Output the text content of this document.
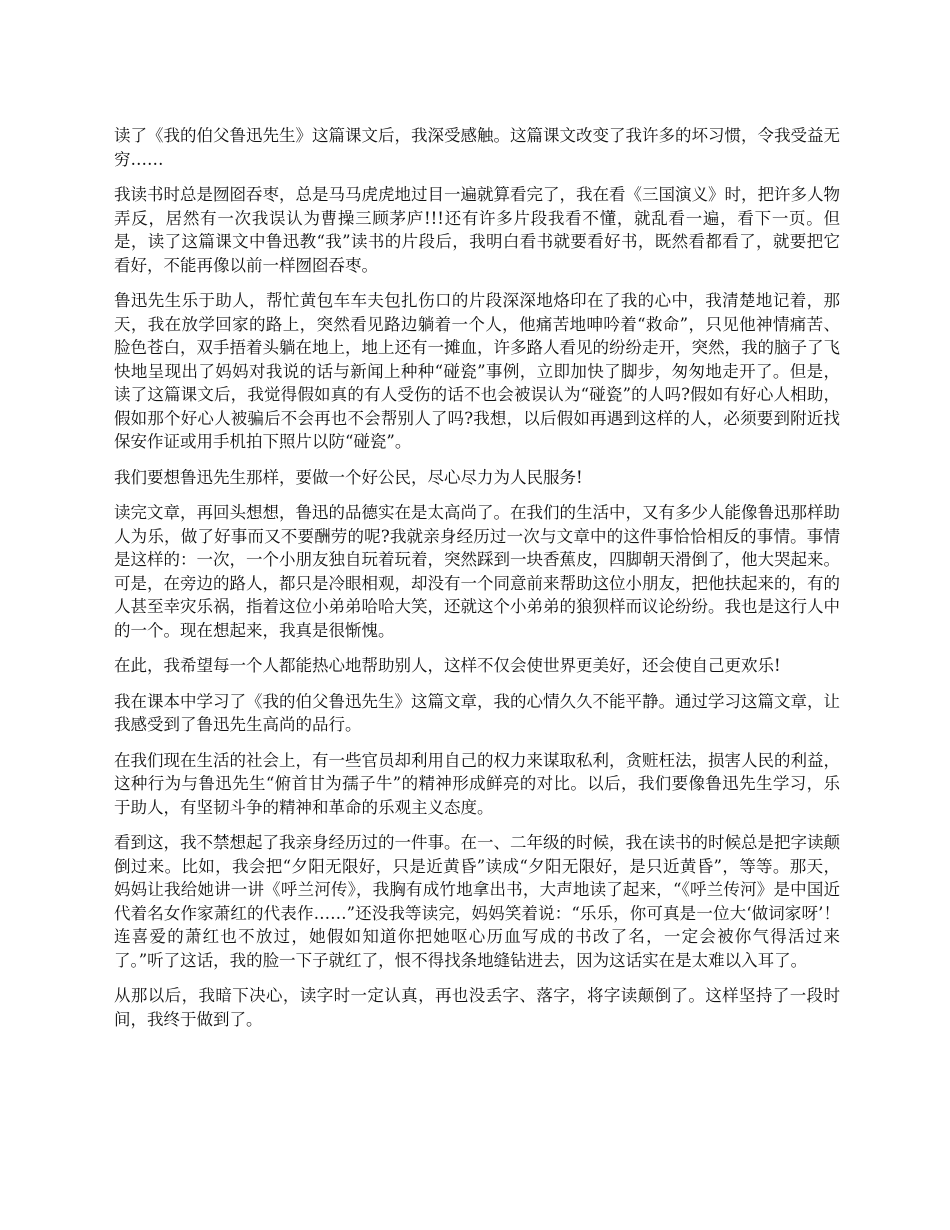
读了《我的伯父鲁迅先生》这篇课文后，我深受感触。这篇课文改变了我许多的坏习惯，令我受益无穷……

我读书时总是囫囵吞枣，总是马马虎虎地过目一遍就算看完了，我在看《三国演义》时，把许多人物弄反，居然有一次我误认为曹操三顾茅庐!!!还有许多片段我看不懂，就乱看一遍，看下一页。但是，读了这篇课文中鲁迅教“我”读书的片段后，我明白看书就要看好书，既然看都看了，就要把它看好，不能再像以前一样囫囵吞枣。

鲁迅先生乐于助人，帮忙黄包车车夫包扎伤口的片段深深地烙印在了我的心中，我清楚地记着，那天，我在放学回家的路上，突然看见路边躺着一个人，他痛苦地呻吟着“救命”，只见他神情痛苦、脸色苍白，双手捂着头躺在地上，地上还有一摊血，许多路人看见的纷纷走开，突然，我的脑子了飞快地呈现出了妈妈对我说的话与新闻上种种“碰瓷”事例，立即加快了脚步，匆匆地走开了。但是，读了这篇课文后，我觉得假如真的有人受伤的话不也会被误认为“碰瓷”的人吗?假如有好心人相助，假如那个好心人被骗后不会再也不会帮别人了吗?我想，以后假如再遇到这样的人，必须要到附近找保安作证或用手机拍下照片以防“碰瓷”。

我们要想鲁迅先生那样，要做一个好公民，尽心尽力为人民服务!

读完文章，再回头想想，鲁迅的品德实在是太高尚了。在我们的生活中，又有多少人能像鲁迅那样助人为乐，做了好事而又不要酬劳的呢?我就亲身经历过一次与文章中的这件事恰恰相反的事情。事情是这样的：一次，一个小朋友独自玩着玩着，突然踩到一块香蕉皮，四脚朝天滑倒了，他大哭起来。可是，在旁边的路人，都只是冷眼相观，却没有一个同意前来帮助这位小朋友，把他扶起来的，有的人甚至幸灾乐祸，指着这位小弟弟哈哈大笑，还就这个小弟弟的狼狈样而议论纷纷。我也是这行人中的一个。现在想起来，我真是很惭愧。

在此，我希望每一个人都能热心地帮助别人，这样不仅会使世界更美好，还会使自己更欢乐!

我在课本中学习了《我的伯父鲁迅先生》这篇文章，我的心情久久不能平静。通过学习这篇文章，让我感受到了鲁迅先生高尚的品行。

在我们现在生活的社会上，有一些官员却利用自己的权力来谋取私利，贪赃枉法，损害人民的利益，这种行为与鲁迅先生“俯首甘为孺子牛”的精神形成鲜亮的对比。以后，我们要像鲁迅先生学习，乐于助人，有坚韧斗争的精神和革命的乐观主义态度。

看到这，我不禁想起了我亲身经历过的一件事。在一、二年级的时候，我在读书的时候总是把字读颠倒过来。比如，我会把“夕阳无限好，只是近黄昏”读成“夕阳无限好，是只近黄昏”，等等。那天，妈妈让我给她讲一讲《呼兰河传》，我胸有成竹地拿出书，大声地读了起来，“《呼兰传河》是中国近代着名女作家萧红的代表作……”还没我等读完，妈妈笑着说：“乐乐，你可真是一位大‘做词家呀’！连喜爱的萧红也不放过，她假如知道你把她呕心历血写成的书改了名，一定会被你气得活过来了。”听了这话，我的脸一下子就红了，恨不得找条地缝钻进去，因为这话实在是太难以入耳了。

从那以后，我暗下决心，读字时一定认真，再也没丢字、落字，将字读颠倒了。这样坚持了一段时间，我终于做到了。
